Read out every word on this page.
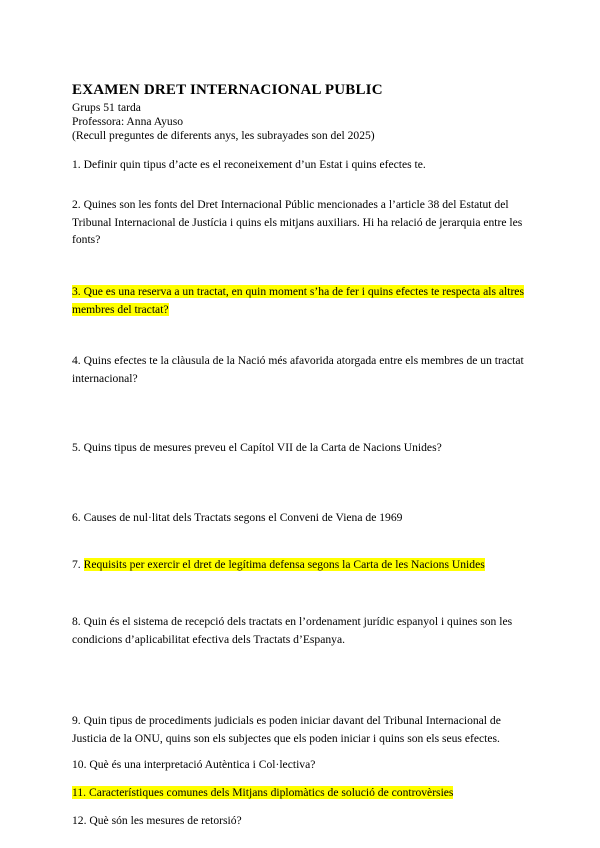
EXAMEN DRET INTERNACIONAL PUBLIC
Grups 51 tarda
Professora: Anna Ayuso
(Recull preguntes de diferents anys, les subrayades son del 2025)
1. Definir quin tipus d’acte es el reconeixement d’un Estat i quins efectes te.
2. Quines son les fonts del Dret Internacional Públic mencionades a l’article 38 del Estatut del Tribunal Internacional de Justícia i quins els mitjans auxiliars. Hi ha relació de jerarquia entre les fonts?
3. Que es una reserva a un tractat, en quin moment s’ha de fer i quins efectes te respecta als altres membres del tractat?
4. Quins efectes te la clàusula de la Nació més afavorida atorgada entre els membres de un tractat internacional?
5. Quins tipus de mesures preveu el Capítol VII de la Carta de Nacions Unides?
6. Causes de nul·litat dels Tractats segons el Conveni de Viena de 1969
7. Requisits per exercir el dret de legítima defensa segons la Carta de les Nacions Unides
8. Quin és el sistema de recepció dels tractats en l’ordenament jurídic espanyol i quines son les condicions d’aplicabilitat efectiva dels Tractats d’Espanya.
9. Quin tipus de procediments judicials es poden iniciar davant del Tribunal Internacional de Justicia de la ONU, quins son els subjectes que els poden iniciar i quins son els seus efectes.
10. Què és una interpretació Autèntica i Col·lectiva?
11. Característiques comunes dels Mitjans diplomàtics de solució de controvèrsies
12. Què són les mesures de retorsió?
